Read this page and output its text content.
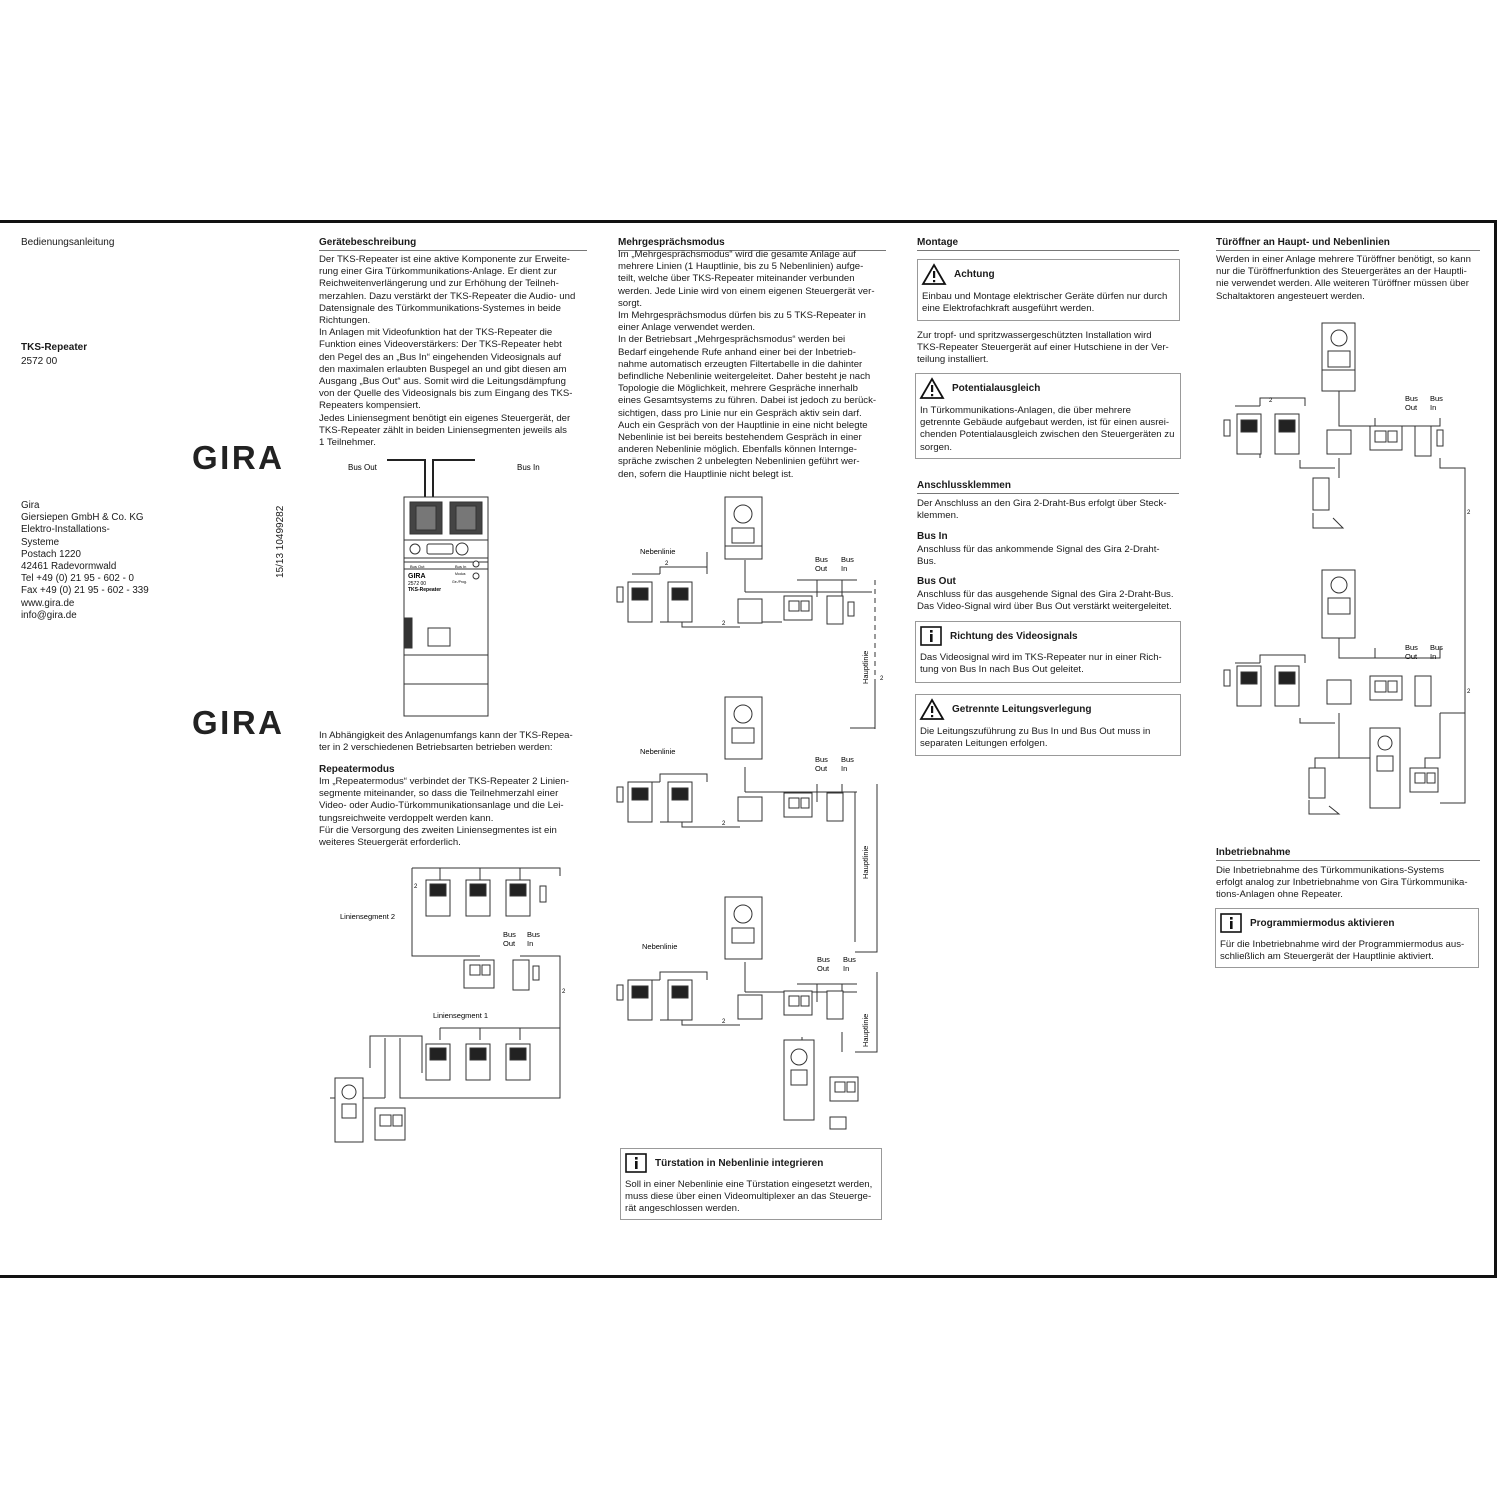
Bedienungsanleitung
TKS-Repeater
2572 00
GIRA
GIRA
15/13 10499282
Gira
Giersiepen GmbH & Co. KG
Elektro-Installations-
Systeme
Postach 1220
42461 Radevormwald
Tel +49 (0) 21 95 - 602 - 0
Fax +49 (0) 21 95 - 602 - 339
www.gira.de
info@gira.de
Gerätebeschreibung
Der TKS-Repeater ist eine aktive Komponente zur Erweite-
rung einer Gira Türkommunikations-Anlage. Er dient zur
Reichweitenverlängerung und zur Erhöhung der Teilneh-
merzahlen. Dazu verstärkt der TKS-Repeater die Audio- und
Datensignale des Türkommunikations-Systemes in beide
Richtungen.
In Anlagen mit Videofunktion hat der TKS-Repeater die
Funktion eines Videoverstärkers: Der TKS-Repeater hebt
den Pegel des an „Bus In“ eingehenden Videosignals auf
den maximalen erlaubten Buspegel an und gibt diesen am
Ausgang „Bus Out“ aus. Somit wird die Leitungsdämpfung
von der Quelle des Videosignals bis zum Eingang des TKS-
Repeaters kompensiert.
Jedes Liniensegment benötigt ein eigenes Steuergerät, der
TKS-Repeater zählt in beiden Liniensegmenten jeweils als
1 Teilnehmer.
Bus Out	Bus In
Bus Out	Bus In
GIRA
2572 00
TKS-Repeater
Modus
Ge./Prog.
In Abhängigkeit des Anlagenumfangs kann der TKS-Repea-
ter in 2 verschiedenen Betriebsarten betrieben werden:
Repeatermodus
Im „Repeatermodus“ verbindet der TKS-Repeater 2 Linien-
segmente miteinander, so dass die Teilnehmerzahl einer
Video- oder Audio-Türkommunikationsanlage und die Lei-
tungsreichweite verdoppelt werden kann.
Für die Versorgung des zweiten Liniensegmentes ist ein
weiteres Steuergerät erforderlich.
Liniensegment 2
Liniensegment 1
Bus Out
Bus In
2
2
Mehrgesprächsmodus
Im „Mehrgesprächsmodus“ wird die gesamte Anlage auf
mehrere Linien (1 Hauptlinie, bis zu 5 Nebenlinien) aufge-
teilt, welche über TKS-Repeater miteinander verbunden
werden. Jede Linie wird von einem eigenen Steuergerät ver-
sorgt.
Im Mehrgesprächsmodus dürfen bis zu 5 TKS-Repeater in
einer Anlage verwendet werden.
In der Betriebsart „Mehrgesprächsmodus“ werden bei
Bedarf eingehende Rufe anhand einer bei der Inbetrieb-
nahme automatisch erzeugten Filtertabelle in die dahinter
befindliche Nebenlinie weitergeleitet. Daher besteht je nach
Topologie die Möglichkeit, mehrere Gespräche innerhalb
eines Gesamtsystems zu führen. Dabei ist jedoch zu berück-
sichtigen, dass pro Linie nur ein Gespräch aktiv sein darf.
Auch ein Gespräch von der Hauptlinie in eine nicht belegte
Nebenlinie ist bei bereits bestehendem Gespräch in einer
anderen Nebenlinie möglich. Ebenfalls können Interngе-
spräche zwischen 2 unbelegten Nebenlinien geführt wer-
den, sofern die Hauptlinie nicht belegt ist.
Nebenlinie
Nebenlinie
Nebenlinie
Bus Out
Bus In
Bus Out
Bus In
Bus Out
Bus In
Hauptlinie
Hauptlinie
Hauptlinie
2
2
2
2
2
Türstation in Nebenlinie integrieren
Soll in einer Nebenlinie eine Türstation eingesetzt werden,
muss diese über einen Videomultiplexer an das Steuerge-
rät angeschlossen werden.
Montage
Achtung
Einbau und Montage elektrischer Geräte dürfen nur durch
eine Elektrofachkraft ausgeführt werden.
Zur tropf- und spritzwassergeschützten Installation wird
TKS-Repeater Steuergerät auf einer Hutschiene in der Ver-
teilung installiert.
Potentialausgleich
In Türkommunikations-Anlagen, die über mehrere
getrennte Gebäude aufgebaut werden, ist für einen ausrei-
chenden Potentialausgleich zwischen den Steuergeräten zu
sorgen.
Anschlussklemmen
Der Anschluss an den Gira 2-Draht-Bus erfolgt über Steck-
klemmen.
Bus In
Anschluss für das ankommende Signal des Gira 2-Draht-
Bus.
Bus Out
Anschluss für das ausgehende Signal des Gira 2-Draht-Bus.
Das Video-Signal wird über Bus Out verstärkt weitergeleitet.
Richtung des Videosignals
Das Videosignal wird im TKS-Repeater nur in einer Rich-
tung von Bus In nach Bus Out geleitet.
Getrennte Leitungsverlegung
Die Leitungszuführung zu Bus In und Bus Out muss in
separaten Leitungen erfolgen.
Türöffner an Haupt- und Nebenlinien
Werden in einer Anlage mehrere Türöffner benötigt, so kann
nur die Türöffnerfunktion des Steuergerätes an der Hauptli-
nie verwendet werden. Alle weiteren Türöffner müssen über
Schaltaktoren angesteuert werden.
Bus Out
Bus In
Bus Out
Bus In
2
2
2
Inbetriebnahme
Die Inbetriebnahme des Türkommunikations-Systems
erfolgt analog zur Inbetriebnahme von Gira Türkommunika-
tions-Anlagen ohne Repeater.
Programmiermodus aktivieren
Für die Inbetriebnahme wird der Programmiermodus aus-
schließlich am Steuergerät der Hauptlinie aktiviert.
